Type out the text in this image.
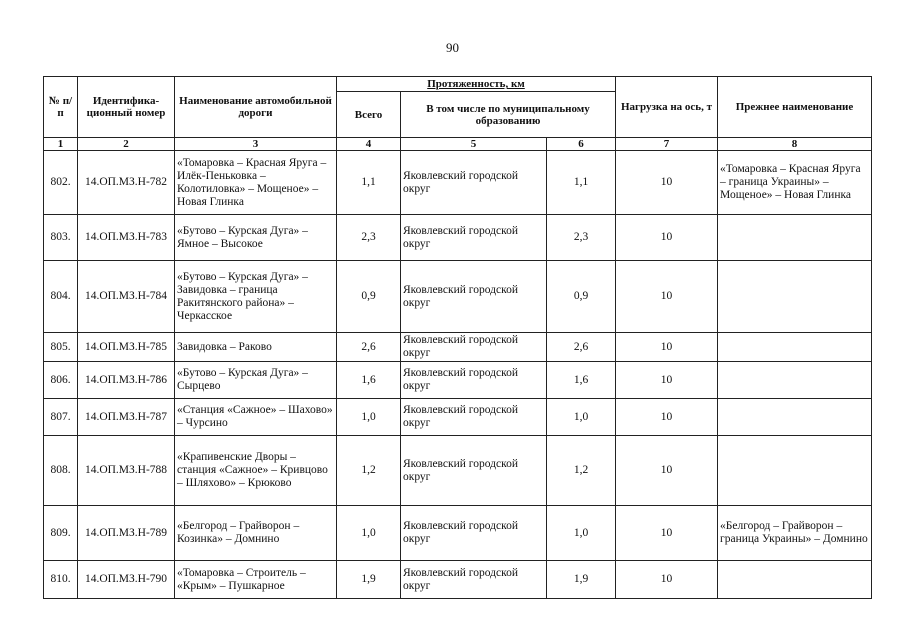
90
№ п/п	Идентифика-ционный номер	Наименование автомобильной дороги	Протяженность, км			Нагрузка на ось, т	Прежнее наименование
			Всего	В том числе по муниципальному образованию			
1	2	3	4	5	6	7	8
802.	14.ОП.МЗ.Н-782	«Томаровка – Красная Яруга – Илёк-Пеньковка – Колотиловка» – Мощеное» – Новая Глинка	1,1	Яковлевский городской округ	1,1	10	«Томаровка – Красная Яруга – граница Украины» – Мощеное» – Новая Глинка
803.	14.ОП.МЗ.Н-783	«Бутово – Курская Дуга» – Ямное – Высокое	2,3	Яковлевский городской округ	2,3	10	
804.	14.ОП.МЗ.Н-784	«Бутово – Курская Дуга» – Завидовка – граница Ракитянского района» – Черкасское	0,9	Яковлевский городской округ	0,9	10	
805.	14.ОП.МЗ.Н-785	Завидовка – Раково	2,6	Яковлевский городской округ	2,6	10	
806.	14.ОП.МЗ.Н-786	«Бутово – Курская Дуга» – Сырцево	1,6	Яковлевский городской округ	1,6	10	
807.	14.ОП.МЗ.Н-787	«Станция «Сажное» – Шахово» – Чурсино	1,0	Яковлевский городской округ	1,0	10	
808.	14.ОП.МЗ.Н-788	«Крапивенские Дворы – станция «Сажное» – Кривцово – Шляхово» – Крюково	1,2	Яковлевский городской округ	1,2	10	
809.	14.ОП.МЗ.Н-789	«Белгород – Грайворон – Козинка» – Домнино	1,0	Яковлевский городской округ	1,0	10	«Белгород – Грайворон – граница Украины» – Домнино
810.	14.ОП.МЗ.Н-790	«Томаровка – Строитель – «Крым» – Пушкарное	1,9	Яковлевский городской округ	1,9	10	
